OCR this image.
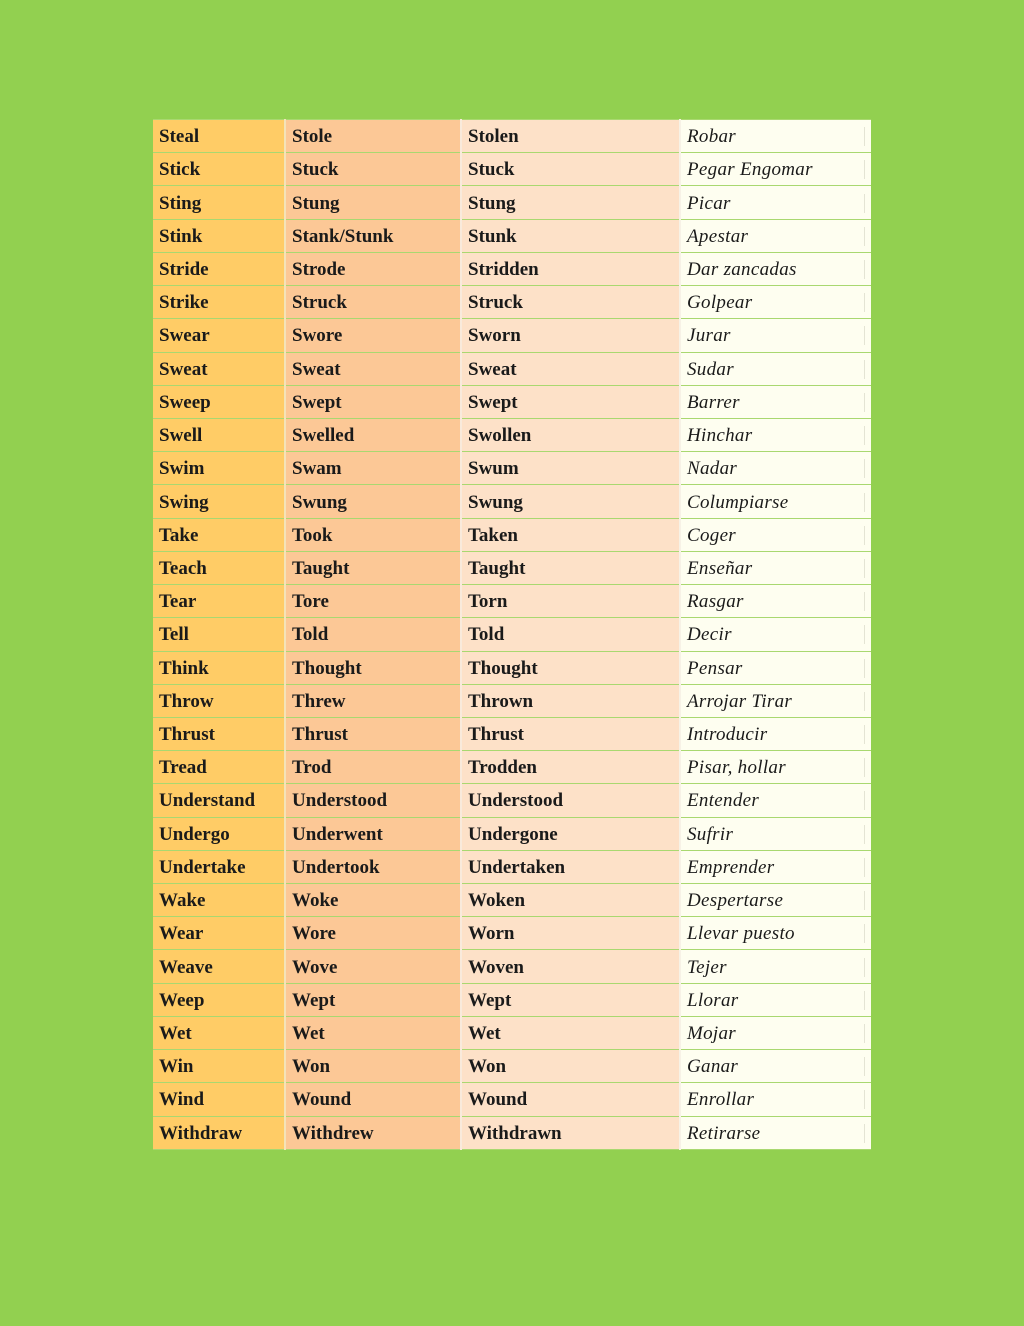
Steal	Stole	Stolen	Robar

Stick	Stuck	Stuck	Pegar Engomar

Sting	Stung	Stung	Picar

Stink	Stank/Stunk	Stunk	Apestar

Stride	Strode	Stridden	Dar zancadas

Strike	Struck	Struck	Golpear

Swear	Swore	Sworn	Jurar

Sweat	Sweat	Sweat	Sudar

Sweep	Swept	Swept	Barrer

Swell	Swelled	Swollen	Hinchar

Swim	Swam	Swum	Nadar

Swing	Swung	Swung	Columpiarse

Take	Took	Taken	Coger

Teach	Taught	Taught	Enseñar

Tear	Tore	Torn	Rasgar

Tell	Told	Told	Decir

Think	Thought	Thought	Pensar

Throw	Threw	Thrown	Arrojar Tirar

Thrust	Thrust	Thrust	Introducir

Tread	Trod	Trodden	Pisar, hollar

Understand	Understood	Understood	Entender

Undergo	Underwent	Undergone	Sufrir

Undertake	Undertook	Undertaken	Emprender

Wake	Woke	Woken	Despertarse

Wear	Wore	Worn	Llevar puesto

Weave	Wove	Woven	Tejer

Weep	Wept	Wept	Llorar

Wet	Wet	Wet	Mojar

Win	Won	Won	Ganar

Wind	Wound	Wound	Enrollar

Withdraw	Withdrew	Withdrawn	Retirarse
